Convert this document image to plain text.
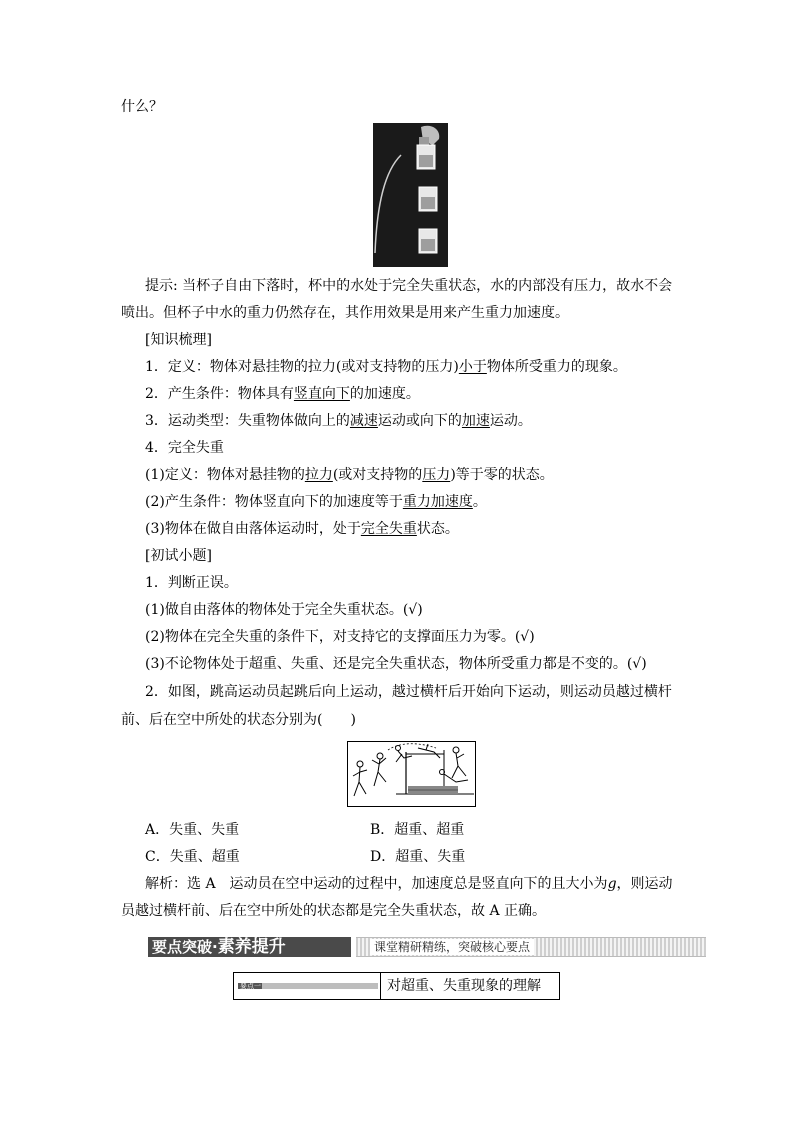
什么？
提示: 当杯子自由下落时，杯中的水处于完全失重状态，水的内部没有压力，故水不会
喷出。但杯子中水的重力仍然存在，其作用效果是用来产生重力加速度。
[知识梳理]
1．定义：物体对悬挂物的拉力(或对支持物的压力)小于物体所受重力的现象。
2．产生条件：物体具有竖直向下的加速度。
3．运动类型：失重物体做向上的减速运动或向下的加速运动。
4．完全失重
(1)定义：物体对悬挂物的拉力(或对支持物的压力)等于零的状态。
(2)产生条件：物体竖直向下的加速度等于重力加速度。
(3)物体在做自由落体运动时，处于完全失重状态。
[初试小题]
1．判断正误。
(1)做自由落体的物体处于完全失重状态。(√)
(2)物体在完全失重的条件下，对支持它的支撑面压力为零。(√)
(3)不论物体处于超重、失重、还是完全失重状态，物体所受重力都是不变的。(√)
2．如图，跳高运动员起跳后向上运动，越过横杆后开始向下运动，则运动员越过横杆
前、后在空中所处的状态分别为(　　)
A．失重、失重	B．超重、超重
C．失重、超重	D．超重、失重
解析：选 A　运动员在空中运动的过程中，加速度总是竖直向下的且大小为g，则运动
员越过横杆前、后在空中所处的状态都是完全失重状态，故 A 正确。
要点突破·素养提升	课堂精研精练，突破核心要点
要点一	对超重、失重现象的理解
